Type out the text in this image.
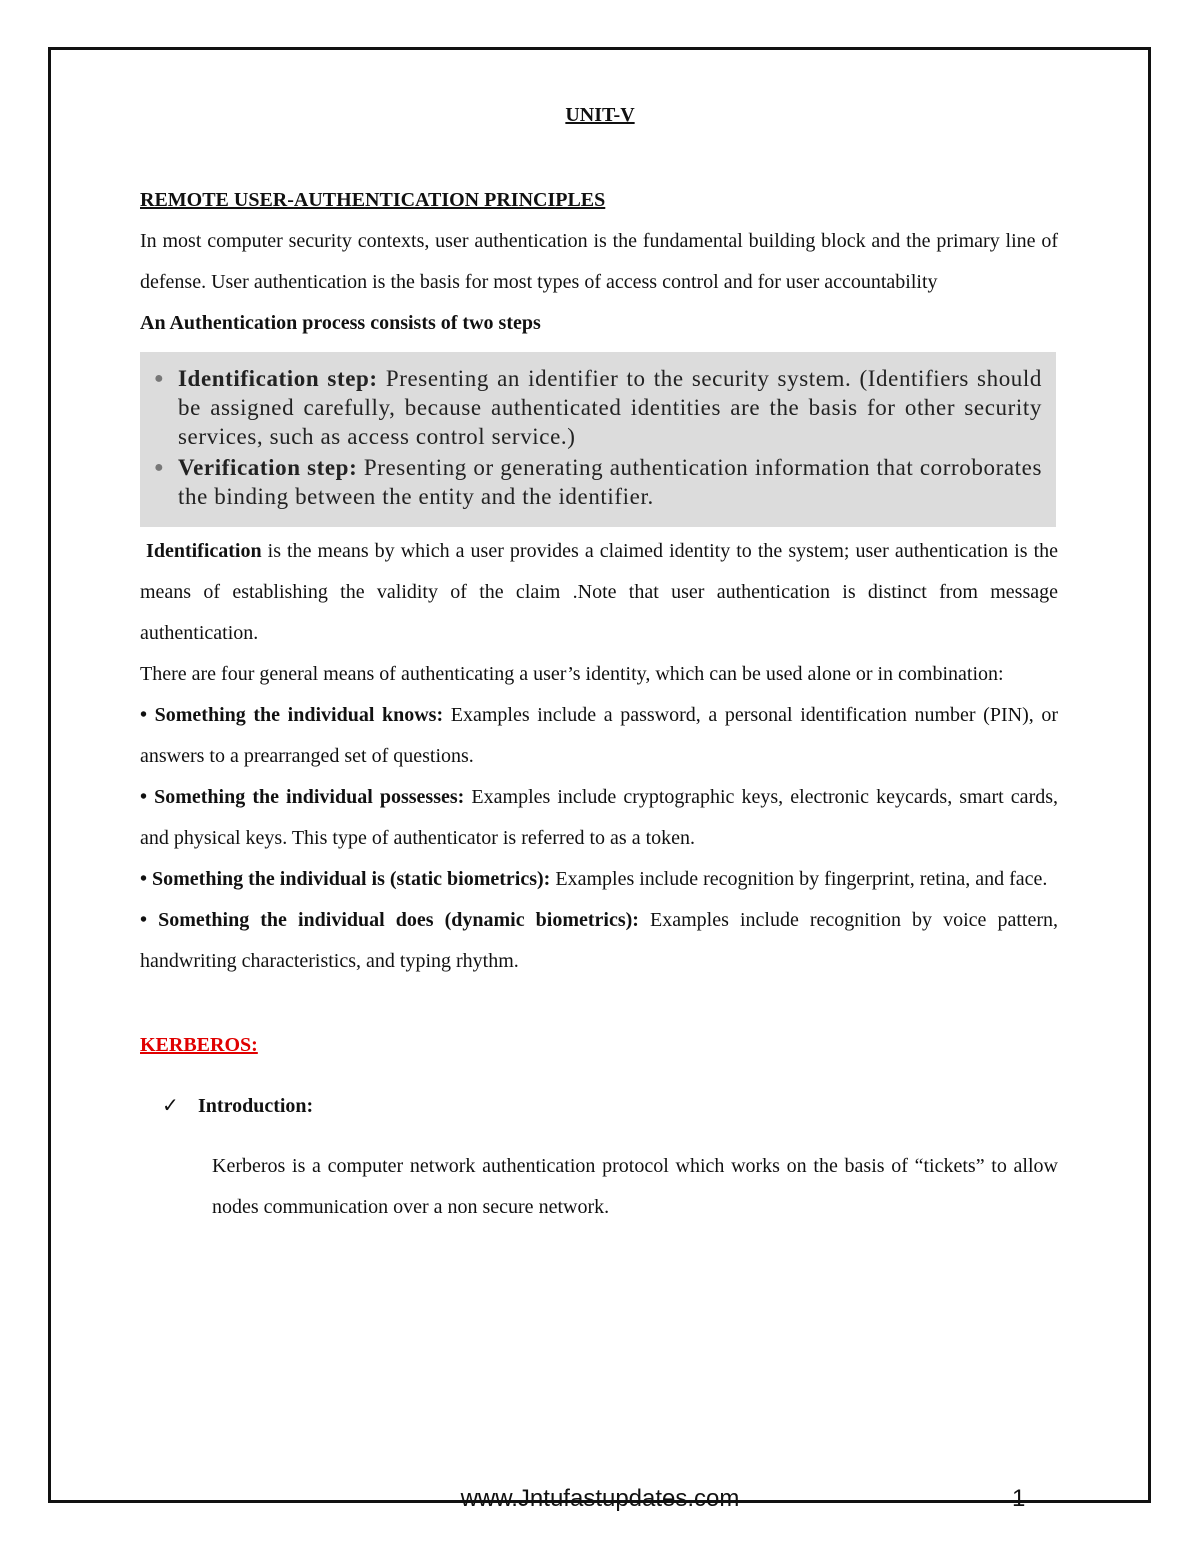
UNIT-V

REMOTE USER-AUTHENTICATION PRINCIPLES

In most computer security contexts, user authentication is the fundamental building block and the primary line of defense. User authentication is the basis for most types of access control and for user accountability

An Authentication process consists of two steps

● Identification step: Presenting an identifier to the security system. (Identifiers should be assigned carefully, because authenticated identities are the basis for other security services, such as access control service.)
● Verification step: Presenting or generating authentication information that corroborates the binding between the entity and the identifier.

Identification is the means by which a user provides a claimed identity to the system; user authentication is the means of establishing the validity of the claim .Note that user authentication is distinct from message authentication.

There are four general means of authenticating a user’s identity, which can be used alone or in combination:

• Something the individual knows: Examples include a password, a personal identification number (PIN), or answers to a prearranged set of questions.

• Something the individual possesses: Examples include cryptographic keys, electronic keycards, smart cards, and physical keys. This type of authenticator is referred to as a token.

• Something the individual is (static biometrics): Examples include recognition by fingerprint, retina, and face.

• Something the individual does (dynamic biometrics): Examples include recognition by voice pattern, handwriting characteristics, and typing rhythm.

KERBEROS:

✓ Introduction:

Kerberos is a computer network authentication protocol which works on the basis of “tickets” to allow nodes communication over a non secure network.

www.Jntufastupdates.com	1
